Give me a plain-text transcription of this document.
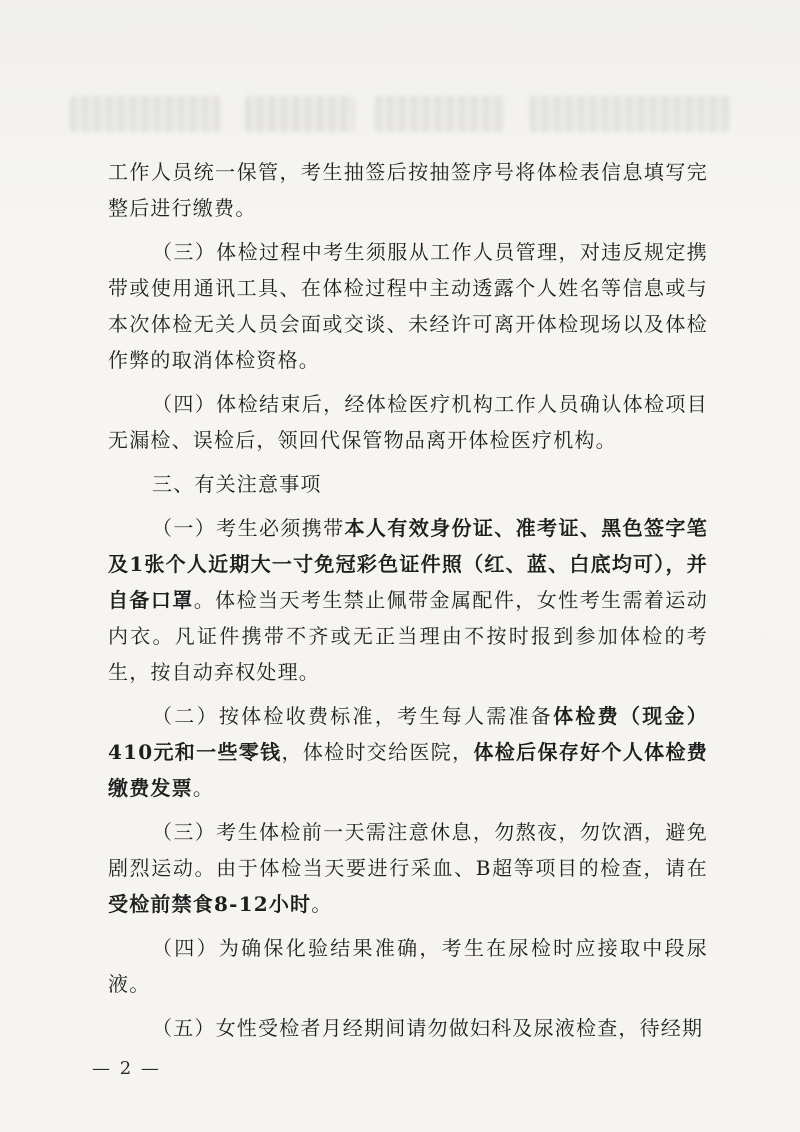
工作人员统一保管，考生抽签后按抽签序号将体检表信息填写完整后进行缴费。

（三）体检过程中考生须服从工作人员管理，对违反规定携带或使用通讯工具、在体检过程中主动透露个人姓名等信息或与本次体检无关人员会面或交谈、未经许可离开体检现场以及体检作弊的取消体检资格。

（四）体检结束后，经体检医疗机构工作人员确认体检项目无漏检、误检后，领回代保管物品离开体检医疗机构。

三、有关注意事项

（一）考生必须携带本人有效身份证、准考证、黑色签字笔及1张个人近期大一寸免冠彩色证件照（红、蓝、白底均可），并自备口罩。体检当天考生禁止佩带金属配件，女性考生需着运动内衣。凡证件携带不齐或无正当理由不按时报到参加体检的考生，按自动弃权处理。

（二）按体检收费标准，考生每人需准备体检费（现金）410元和一些零钱，体检时交给医院，体检后保存好个人体检费缴费发票。

（三）考生体检前一天需注意休息，勿熬夜，勿饮酒，避免剧烈运动。由于体检当天要进行采血、B超等项目的检查，请在受检前禁食8-12小时。

（四）为确保化验结果准确，考生在尿检时应接取中段尿液。

（五）女性受检者月经期间请勿做妇科及尿液检查，待经期

— 2 —
